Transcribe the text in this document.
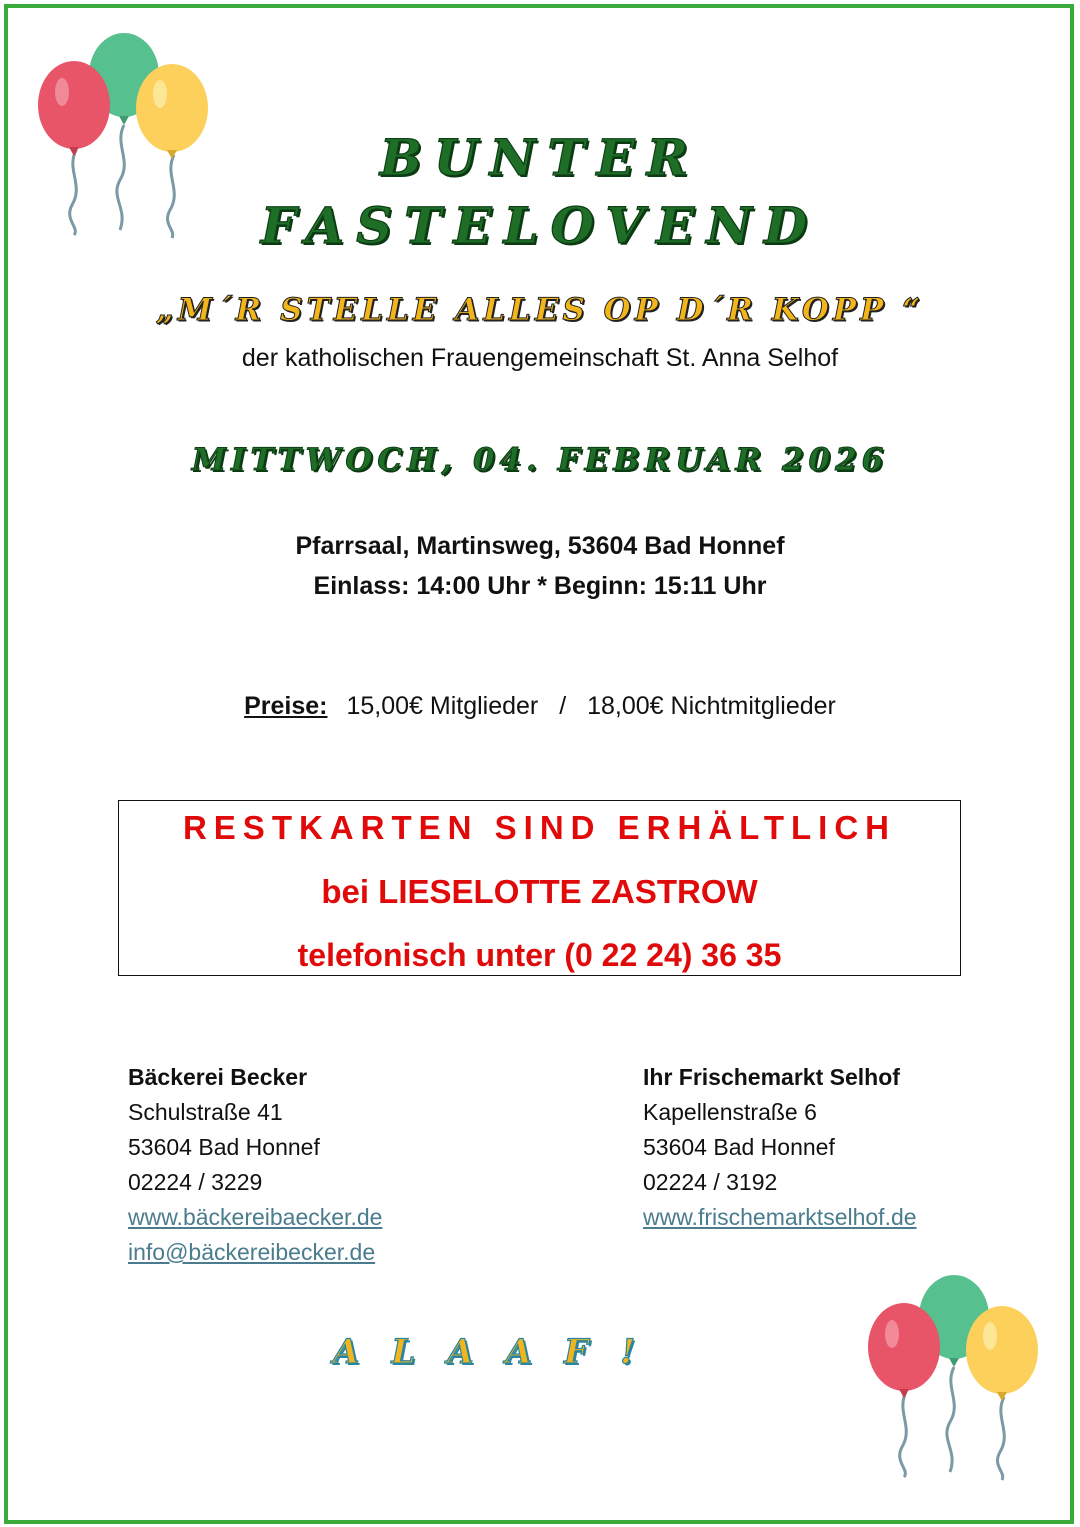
BUNTER
FASTELOVEND
„M´R STELLE ALLES OP D´R KOPP “
der katholischen Frauengemeinschaft St. Anna Selhof
MITTWOCH, 04. FEBRUAR 2026
Pfarrsaal, Martinsweg, 53604 Bad Honnef
Einlass: 14:00 Uhr * Beginn: 15:11 Uhr
Preise: 15,00€ Mitglieder / 18,00€ Nichtmitglieder
RESTKARTEN SIND ERHÄLTLICH
bei LIESELOTTE ZASTROW
telefonisch unter (0 22 24) 36 35
Bäckerei Becker
Schulstraße 41
53604 Bad Honnef
02224 / 3229
www.bäckereibaecker.de
info@bäckereibecker.de
Ihr Frischemarkt Selhof
Kapellenstraße 6
53604 Bad Honnef
02224 / 3192
www.frischemarktselhof.de
ALAAF!
